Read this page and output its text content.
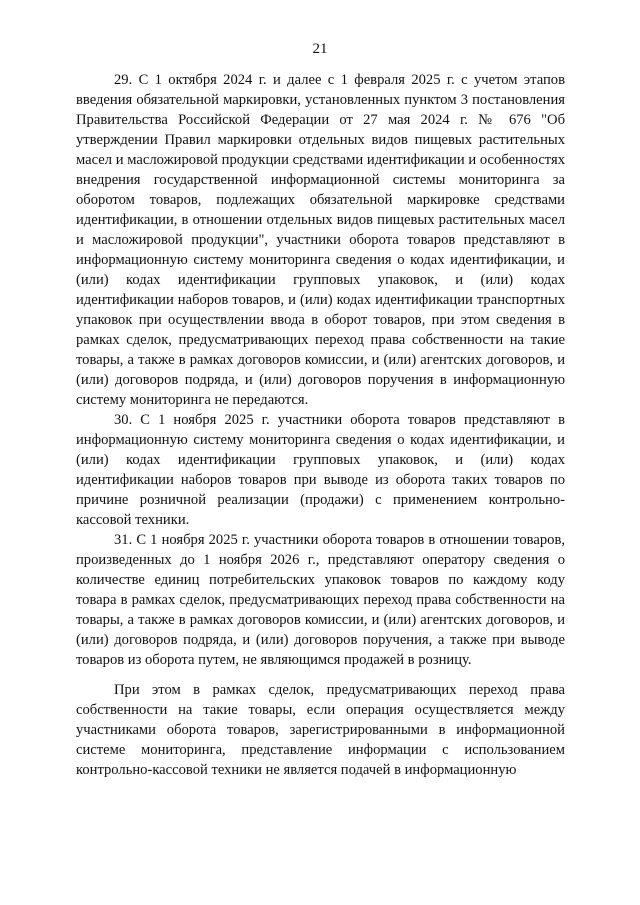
21

29. С 1 октября 2024 г. и далее с 1 февраля 2025 г. с учетом этапов введения обязательной маркировки, установленных пунктом 3 постановления Правительства Российской Федерации от 27 мая 2024 г. № 676 "Об утверждении Правил маркировки отдельных видов пищевых растительных масел и масложировой продукции средствами идентификации и особенностях внедрения государственной информационной системы мониторинга за оборотом товаров, подлежащих обязательной маркировке средствами идентификации, в отношении отдельных видов пищевых растительных масел и масложировой продукции", участники оборота товаров представляют в информационную систему мониторинга сведения о кодах идентификации, и (или) кодах идентификации групповых упаковок, и (или) кодах идентификации наборов товаров, и (или) кодах идентификации транспортных упаковок при осуществлении ввода в оборот товаров, при этом сведения в рамках сделок, предусматривающих переход права собственности на такие товары, а также в рамках договоров комиссии, и (или) агентских договоров, и (или) договоров подряда, и (или) договоров поручения в информационную систему мониторинга не передаются.

30. С 1 ноября 2025 г. участники оборота товаров представляют в информационную систему мониторинга сведения о кодах идентификации, и (или) кодах идентификации групповых упаковок, и (или) кодах идентификации наборов товаров при выводе из оборота таких товаров по причине розничной реализации (продажи) с применением контрольно-кассовой техники.

31. С 1 ноября 2025 г. участники оборота товаров в отношении товаров, произведенных до 1 ноября 2026 г., представляют оператору сведения о количестве единиц потребительских упаковок товаров по каждому коду товара в рамках сделок, предусматривающих переход права собственности на товары, а также в рамках договоров комиссии, и (или) агентских договоров, и (или) договоров подряда, и (или) договоров поручения, а также при выводе товаров из оборота путем, не являющимся продажей в розницу.

При этом в рамках сделок, предусматривающих переход права собственности на такие товары, если операция осуществляется между участниками оборота товаров, зарегистрированными в информационной системе мониторинга, представление информации с использованием контрольно-кассовой техники не является подачей в информационную
